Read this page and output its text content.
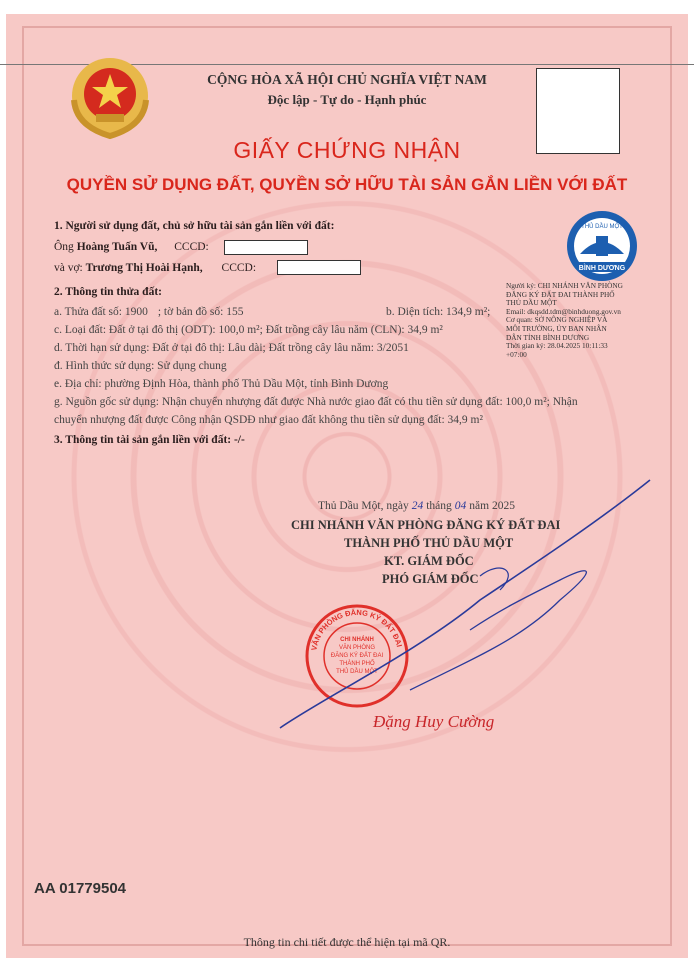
CỘNG HÒA XÃ HỘI CHỦ NGHĨA VIỆT NAM
Độc lập - Tự do - Hạnh phúc
GIẤY CHỨNG NHẬN
QUYỀN SỬ DỤNG ĐẤT, QUYỀN SỞ HỮU TÀI SẢN GẮN LIỀN VỚI ĐẤT
1. Người sử dụng đất, chủ sở hữu tài sản gắn liền với đất:
Ông Hoàng Tuấn Vũ, CCCD:
và vợ: Trương Thị Hoài Hạnh, CCCD:
2. Thông tin thửa đất:
a. Thửa đất số: 1900 ; tờ bản đồ số: 155	b. Diện tích: 134,9 m²;
c. Loại đất: Đất ở tại đô thị (ODT): 100,0 m²; Đất trồng cây lâu năm (CLN): 34,9 m²
d. Thời hạn sử dụng: Đất ở tại đô thị: Lâu dài; Đất trồng cây lâu năm: 3/2051
đ. Hình thức sử dụng: Sử dụng chung
e. Địa chỉ: phường Định Hòa, thành phố Thủ Dầu Một, tỉnh Bình Dương
g. Nguồn gốc sử dụng: Nhận chuyển nhượng đất được Nhà nước giao đất có thu tiền sử dụng đất: 100,0 m²; Nhận
chuyển nhượng đất được Công nhận QSDĐ như giao đất không thu tiền sử dụng đất: 34,9 m²
3. Thông tin tài sản gắn liền với đất: -/-
THỦ DẦU MỘT
BÌNH DƯƠNG
Người ký: CHI NHÁNH VĂN PHÒNG
ĐĂNG KÝ ĐẤT ĐAI THÀNH PHỐ
THỦ DẦU MỘT
Email: dkqsdd.tdm@binhduong.gov.vn
Cơ quan: SỞ NÔNG NGHIỆP VÀ
MÔI TRƯỜNG, ỦY BAN NHÂN
DÂN TỈNH BÌNH DƯƠNG
Thời gian ký: 28.04.2025 10:11:33
+07:00
Thủ Dầu Một, ngày 24 tháng 04 năm 2025
CHI NHÁNH VĂN PHÒNG ĐĂNG KÝ ĐẤT ĐAI
THÀNH PHỐ THỦ DẦU MỘT
KT. GIÁM ĐỐC
PHÓ GIÁM ĐỐC
VĂN PHÒNG ĐĂNG KÝ ĐẤT ĐAI
CHI NHÁNH
VĂN PHÒNG
ĐĂNG KÝ ĐẤT ĐAI
THÀNH PHỐ
THỦ DẦU MỘT
Đặng Huy Cường
AA 01779504
Thông tin chi tiết được thể hiện tại mã QR.
